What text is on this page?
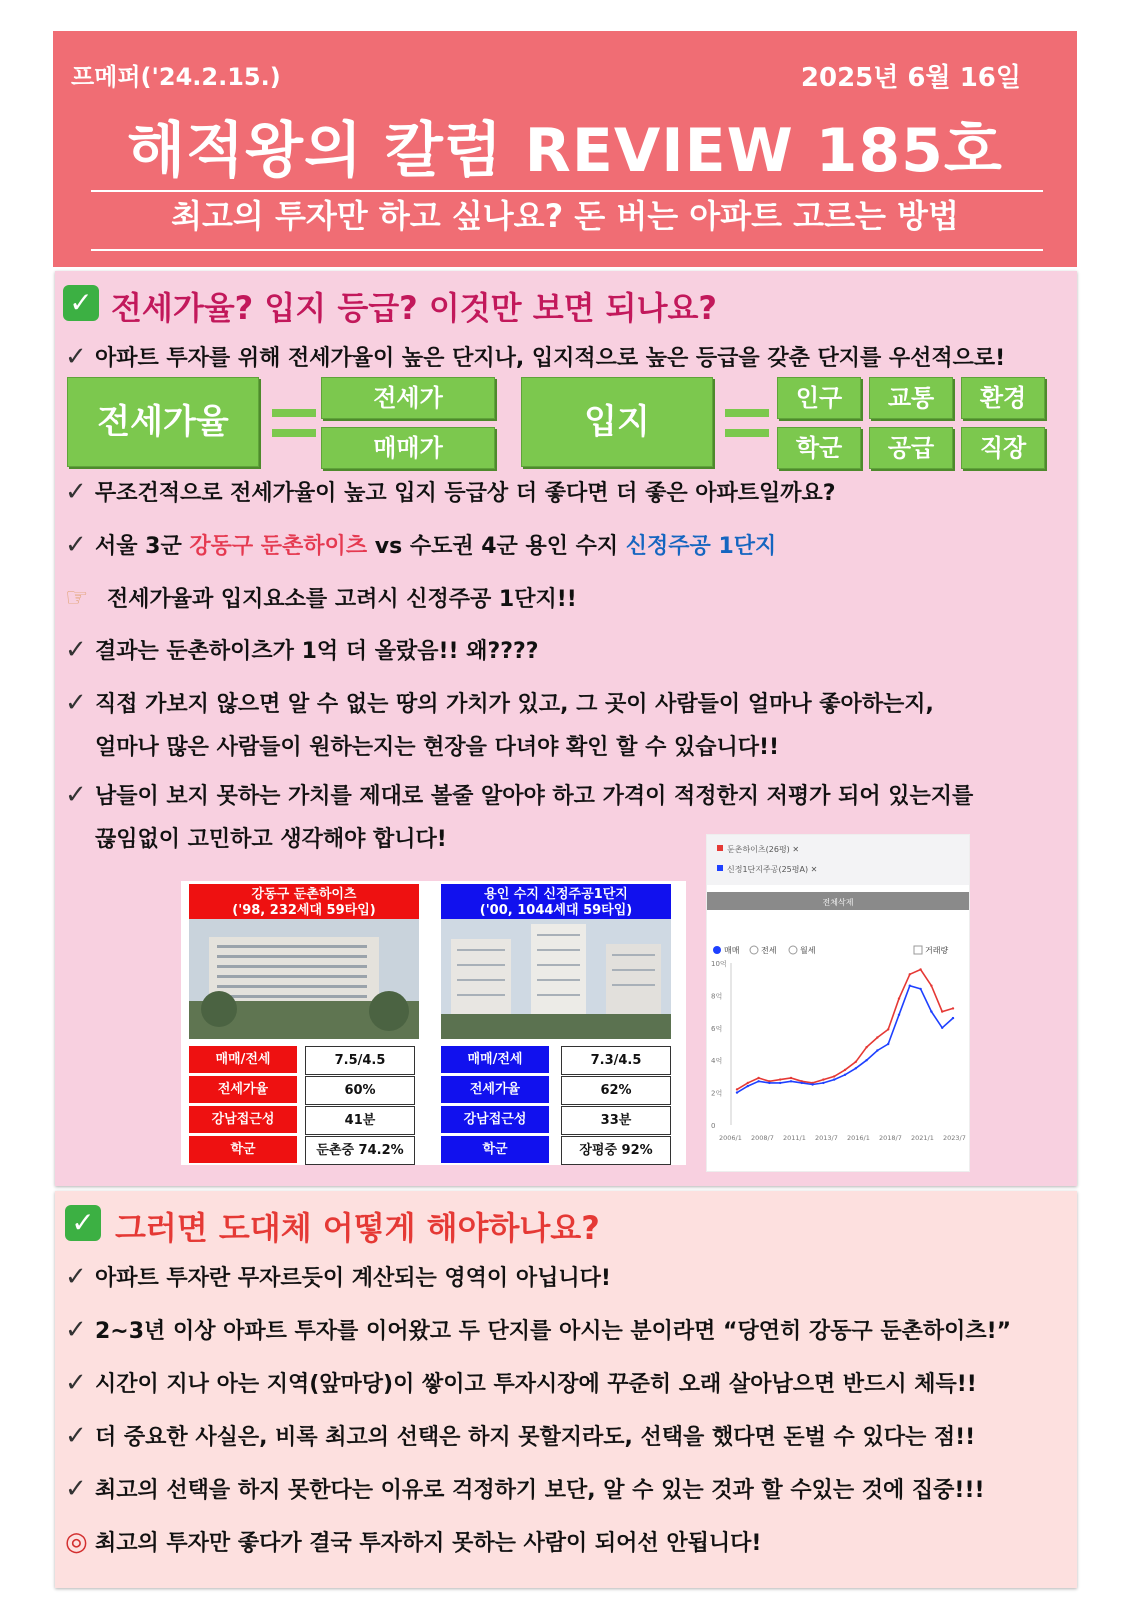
프메퍼('24.2.15.)	2025년 6월 16일
해적왕의 칼럼 REVIEW 185호
최고의 투자만 하고 싶나요? 돈 버는 아파트 고르는 방법
✓ 전세가율? 입지 등급? 이것만 보면 되나요?
✓ 아파트 투자를 위해 전세가율이 높은 단지나, 입지적으로 높은 등급을 갖춘 단지를 우선적으로!
전세가율
전세가
매매가
입지
인구	교통	환경
학군	공급	직장
✓ 무조건적으로 전세가율이 높고 입지 등급상 더 좋다면 더 좋은 아파트일까요?
✓ 서울 3군 강동구 둔촌하이츠 vs 수도권 4군 용인 수지 신정주공 1단지
☞ 전세가율과 입지요소를 고려시 신정주공 1단지!!
✓ 결과는 둔촌하이츠가 1억 더 올랐음!! 왜????
✓ 직접 가보지 않으면 알 수 없는 땅의 가치가 있고, 그 곳이 사람들이 얼마나 좋아하는지,
얼마나 많은 사람들이 원하는지는 현장을 다녀야 확인 할 수 있습니다!!
✓ 남들이 보지 못하는 가치를 제대로 볼줄 알아야 하고 가격이 적정한지 저평가 되어 있는지를
끊임없이 고민하고 생각해야 합니다!
강동구 둔촌하이츠
('98, 232세대 59타입)
용인 수지 신정주공1단지
('00, 1044세대 59타입)
매매/전세	7.5/4.5
전세가율	60%
강남접근성	41분
학군	둔촌중 74.2%
매매/전세	7.3/4.5
전세가율	62%
강남접근성	33분
학군	장평중 92%
둔촌하이츠(26평) ✕
신정1단지주공(25평A) ✕
전체삭제
매매	전세	월세	거래량
10억
8억
6억
4억
2억
0
2006/1 2008/7 2011/1 2013/7 2016/1 2018/7 2021/1 2023/7
✓ 그러면 도대체 어떻게 해야하나요?
✓ 아파트 투자란 무자르듯이 계산되는 영역이 아닙니다!
✓ 2~3년 이상 아파트 투자를 이어왔고 두 단지를 아시는 분이라면 “당연히 강동구 둔촌하이츠!”
✓ 시간이 지나 아는 지역(앞마당)이 쌓이고 투자시장에 꾸준히 오래 살아남으면 반드시 체득!!
✓ 더 중요한 사실은, 비록 최고의 선택은 하지 못할지라도, 선택을 했다면 돈벌 수 있다는 점!!
✓ 최고의 선택을 하지 못한다는 이유로 걱정하기 보단, 알 수 있는 것과 할 수있는 것에 집중!!!
◎ 최고의 투자만 좋다가 결국 투자하지 못하는 사람이 되어선 안됩니다!
